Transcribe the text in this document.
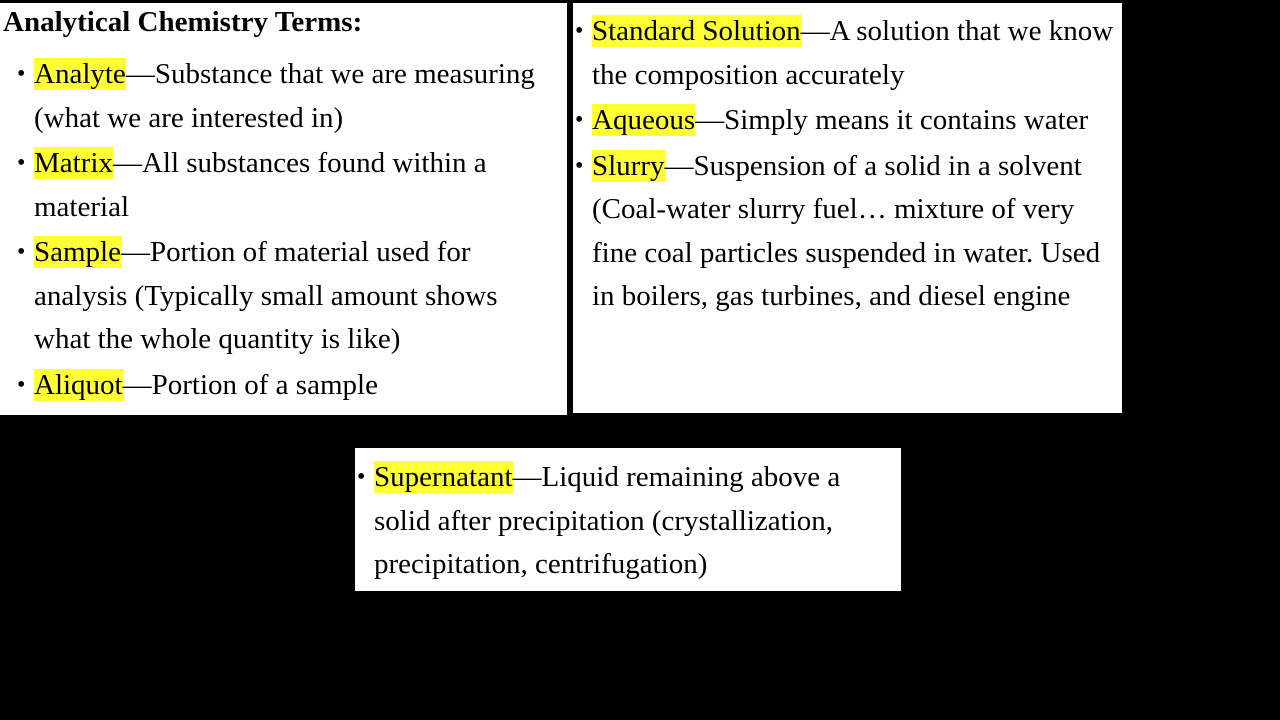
Analytical Chemistry Terms:
• Analyte—Substance that we are measuring (what we are interested in)
• Matrix—All substances found within a material
• Sample—Portion of material used for analysis (Typically small amount shows what the whole quantity is like)
• Aliquot—Portion of a sample
• Standard Solution—A solution that we know the composition accurately
• Aqueous—Simply means it contains water
• Slurry—Suspension of a solid in a solvent (Coal-water slurry fuel… mixture of very fine coal particles suspended in water. Used in boilers, gas turbines, and diesel engine
• Supernatant—Liquid remaining above a solid after precipitation (crystallization, precipitation, centrifugation)
